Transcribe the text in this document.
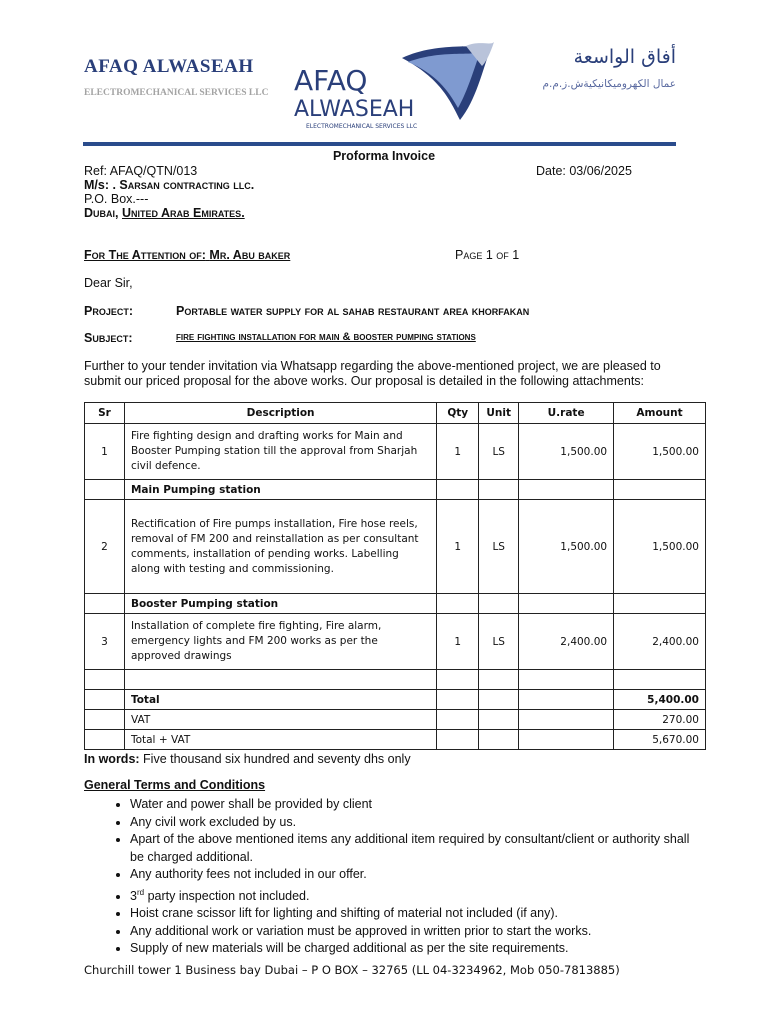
AFAQ ALWASEAH
ELECTROMECHANICAL SERVICES LLC AFAQ
ALWASEAH
ELECTROMECHANICAL SERVICES LLC
أفاق الواسعة
عمال الكهروميكانيكيةش.ز.م.م
Proforma Invoice
Ref: AFAQ/QTN/013	Date: 03/06/2025
M/s: . Sarsan contracting llc.
P.O. Box.---
Dubai, United Arab Emirates.
For The Attention of: Mr. Abu baker	Page 1 of 1
Dear Sir,
Project:	Portable water supply for al sahab restaurant area khorfakan
Subject:	fire fighting installation for main & booster pumping stations
Further to your tender invitation via Whatsapp regarding the above-mentioned project, we are pleased to submit our priced proposal for the above works. Our proposal is detailed in the following attachments:
Sr	Description	Qty	Unit	U.rate	Amount
1	Fire fighting design and drafting works for Main and Booster Pumping station till the approval from Sharjah civil defence.	1	LS	1,500.00	1,500.00
	Main Pumping station				
2	Rectification of Fire pumps installation, Fire hose reels, removal of FM 200 and reinstallation as per consultant comments, installation of pending works. Labelling along with testing and commissioning.	1	LS	1,500.00	1,500.00
	Booster Pumping station				
3	Installation of complete fire fighting, Fire alarm, emergency lights and FM 200 works as per the approved drawings	1	LS	2,400.00	2,400.00

	Total				5,400.00
	VAT				270.00
	Total + VAT				5,670.00
In words: Five thousand six hundred and seventy dhs only
General Terms and Conditions
• Water and power shall be provided by client
• Any civil work excluded by us.
• Apart of the above mentioned items any additional item required by consultant/client or authority shall be charged additional.
• Any authority fees not included in our offer.
• 3rd party inspection not included.
• Hoist crane scissor lift for lighting and shifting of material not included (if any).
• Any additional work or variation must be approved in written prior to start the works.
• Supply of new materials will be charged additional as per the site requirements.
Churchill tower 1 Business bay Dubai – P O BOX – 32765 (LL 04-3234962, Mob 050-7813885)
